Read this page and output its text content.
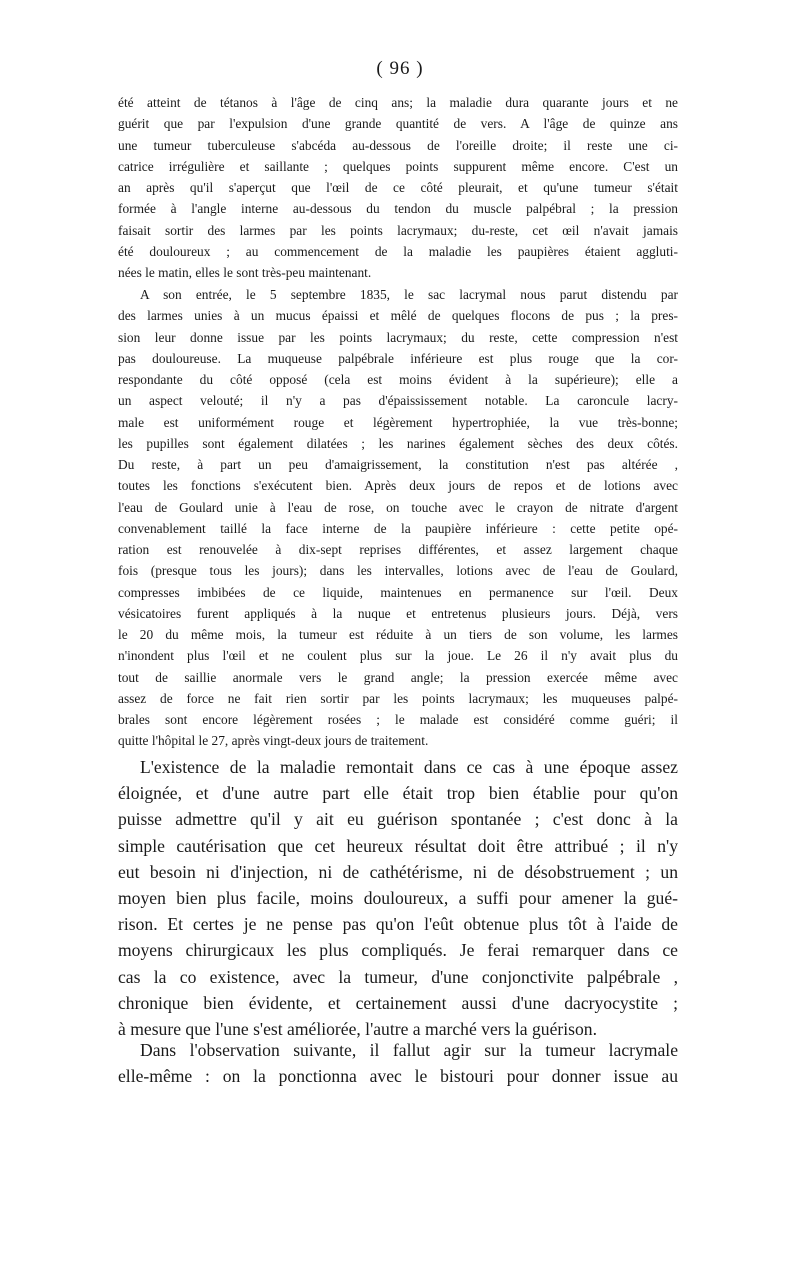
( 96 )
été atteint de tétanos à l'âge de cinq ans; la maladie dura quarante jours et ne
guérit que par l'expulsion d'une grande quantité de vers. A l'âge de quinze ans
une tumeur tuberculeuse s'abcéda au-dessous de l'oreille droite; il reste une ci-
catrice irrégulière et saillante ; quelques points suppurent même encore. C'est un
an après qu'il s'aperçut que l'œil de ce côté pleurait, et qu'une tumeur s'était
formée à l'angle interne au-dessous du tendon du muscle palpébral ; la pression
faisait sortir des larmes par les points lacrymaux; du-reste, cet œil n'avait jamais
été douloureux ; au commencement de la maladie les paupières étaient aggluti-
nées le matin, elles le sont très-peu maintenant.
A son entrée, le 5 septembre 1835, le sac lacrymal nous parut distendu par
des larmes unies à un mucus épaissi et mêlé de quelques flocons de pus ; la pres-
sion leur donne issue par les points lacrymaux; du reste, cette compression n'est
pas douloureuse. La muqueuse palpébrale inférieure est plus rouge que la cor-
respondante du côté opposé (cela est moins évident à la supérieure); elle a
un aspect velouté; il n'y a pas d'épaississement notable. La caroncule lacry-
male est uniformément rouge et légèrement hypertrophiée, la vue très-bonne;
les pupilles sont également dilatées ; les narines également sèches des deux côtés.
Du reste, à part un peu d'amaigrissement, la constitution n'est pas altérée ,
toutes les fonctions s'exécutent bien. Après deux jours de repos et de lotions avec
l'eau de Goulard unie à l'eau de rose, on touche avec le crayon de nitrate d'argent
convenablement taillé la face interne de la paupière inférieure : cette petite opé-
ration est renouvelée à dix-sept reprises différentes, et assez largement chaque
fois (presque tous les jours); dans les intervalles, lotions avec de l'eau de Goulard,
compresses imbibées de ce liquide, maintenues en permanence sur l'œil. Deux
vésicatoires furent appliqués à la nuque et entretenus plusieurs jours. Déjà, vers
le 20 du même mois, la tumeur est réduite à un tiers de son volume, les larmes
n'inondent plus l'œil et ne coulent plus sur la joue. Le 26 il n'y avait plus du
tout de saillie anormale vers le grand angle; la pression exercée même avec
assez de force ne fait rien sortir par les points lacrymaux; les muqueuses palpé-
brales sont encore légèrement rosées ; le malade est considéré comme guéri; il
quitte l'hôpital le 27, après vingt-deux jours de traitement.
L'existence de la maladie remontait dans ce cas à une époque assez
éloignée, et d'une autre part elle était trop bien établie pour qu'on
puisse admettre qu'il y ait eu guérison spontanée ; c'est donc à la
simple cautérisation que cet heureux résultat doit être attribué ; il n'y
eut besoin ni d'injection, ni de cathétérisme, ni de désobstruement ; un
moyen bien plus facile, moins douloureux, a suffi pour amener la gué-
rison. Et certes je ne pense pas qu'on l'eût obtenue plus tôt à l'aide de
moyens chirurgicaux les plus compliqués. Je ferai remarquer dans ce
cas la co existence, avec la tumeur, d'une conjonctivite palpébrale ,
chronique bien évidente, et certainement aussi d'une dacryocystite ;
à mesure que l'une s'est améliorée, l'autre a marché vers la guérison.
Dans l'observation suivante, il fallut agir sur la tumeur lacrymale
elle-même : on la ponctionna avec le bistouri pour donner issue au
